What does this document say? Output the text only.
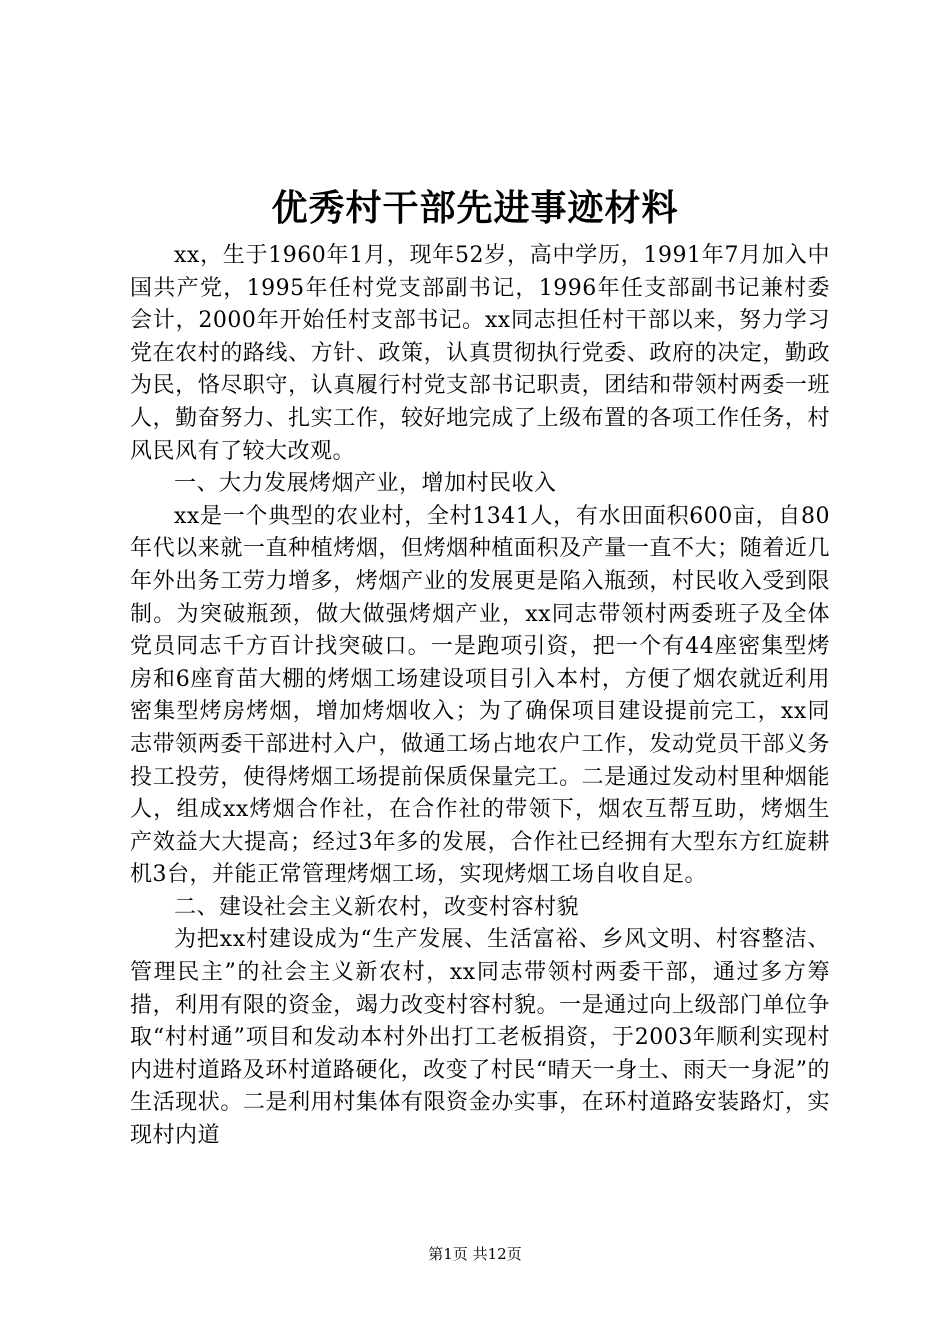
优秀村干部先进事迹材料

xx，生于1960年1月，现年52岁，高中学历，1991年7月加入中国共产党，1995年任村党支部副书记，1996年任支部副书记兼村委会计，2000年开始任村支部书记。xx同志担任村干部以来，努力学习党在农村的路线、方针、政策，认真贯彻执行党委、政府的决定，勤政为民，恪尽职守，认真履行村党支部书记职责，团结和带领村两委一班人，勤奋努力、扎实工作，较好地完成了上级布置的各项工作任务，村风民风有了较大改观。

一、大力发展烤烟产业，增加村民收入

xx是一个典型的农业村，全村1341人，有水田面积600亩，自80年代以来就一直种植烤烟，但烤烟种植面积及产量一直不大；随着近几年外出务工劳力增多，烤烟产业的发展更是陷入瓶颈，村民收入受到限制。为突破瓶颈，做大做强烤烟产业，xx同志带领村两委班子及全体党员同志千方百计找突破口。一是跑项引资，把一个有44座密集型烤房和6座育苗大棚的烤烟工场建设项目引入本村，方便了烟农就近利用密集型烤房烤烟，增加烤烟收入；为了确保项目建设提前完工，xx同志带领两委干部进村入户，做通工场占地农户工作，发动党员干部义务投工投劳，使得烤烟工场提前保质保量完工。二是通过发动村里种烟能人，组成xx烤烟合作社，在合作社的带领下，烟农互帮互助，烤烟生产效益大大提高；经过3年多的发展，合作社已经拥有大型东方红旋耕机3台，并能正常管理烤烟工场，实现烤烟工场自收自足。

二、建设社会主义新农村，改变村容村貌

为把xx村建设成为“生产发展、生活富裕、乡风文明、村容整洁、管理民主”的社会主义新农村，xx同志带领村两委干部，通过多方筹措，利用有限的资金，竭力改变村容村貌。一是通过向上级部门单位争取“村村通”项目和发动本村外出打工老板捐资，于2003年顺利实现村内进村道路及环村道路硬化，改变了村民“晴天一身土、雨天一身泥”的生活现状。二是利用村集体有限资金办实事，在环村道路安装路灯，实现村内道

第1页 共12页
